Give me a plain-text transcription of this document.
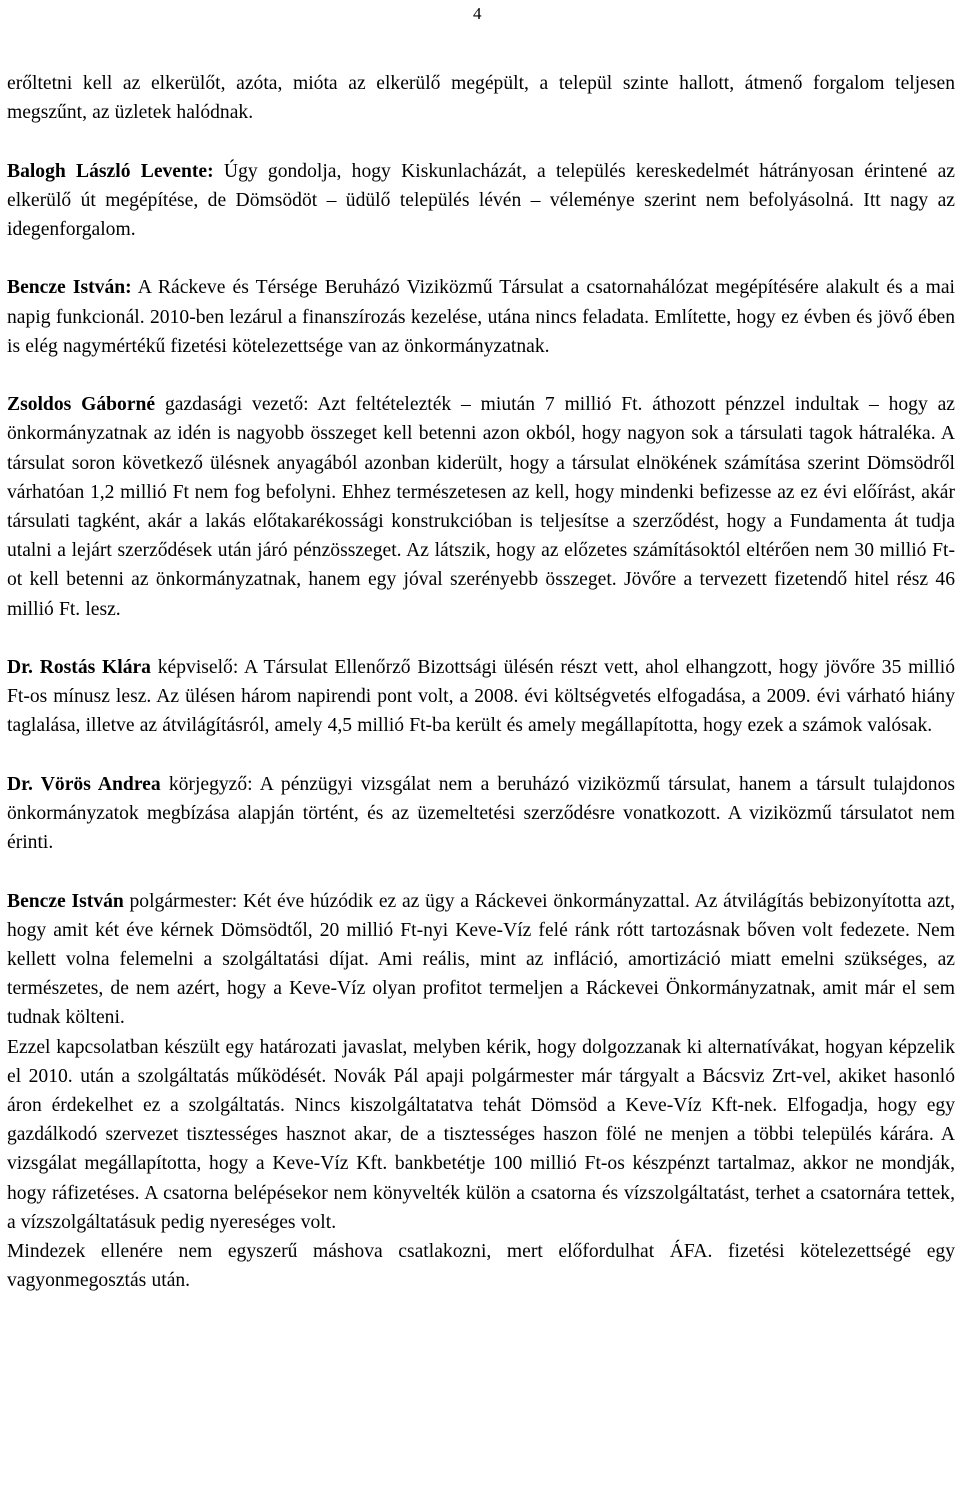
4

erőltetni kell az elkerülőt, azóta, mióta az elkerülő megépült, a települ szinte hallott, átmenő forgalom teljesen megszűnt, az üzletek halódnak.

Balogh László Levente: Úgy gondolja, hogy Kiskunlacházát, a település kereskedelmét hátrányosan érintené az elkerülő út megépítése, de Dömsödöt – üdülő település lévén – véleménye szerint nem befolyásolná. Itt nagy az idegenforgalom.

Bencze István: A Ráckeve és Térsége Beruházó Viziközmű Társulat a csatornahálózat megépítésére alakult és a mai napig funkcionál. 2010-ben lezárul a finanszírozás kezelése, utána nincs feladata. Említette, hogy ez évben és jövő ében is elég nagymértékű fizetési kötelezettsége van az önkormányzatnak.

Zsoldos Gáborné gazdasági vezető: Azt feltételezték – miután 7 millió Ft. áthozott pénzzel indultak – hogy az önkormányzatnak az idén is nagyobb összeget kell betenni azon okból, hogy nagyon sok a társulati tagok hátraléka. A társulat soron következő ülésnek anyagából azonban kiderült, hogy a társulat elnökének számítása szerint Dömsödről várhatóan 1,2 millió Ft nem fog befolyni. Ehhez természetesen az kell, hogy mindenki befizesse az ez évi előírást, akár társulati tagként, akár a lakás előtakarékossági konstrukcióban is teljesítse a szerződést, hogy a Fundamenta át tudja utalni a lejárt szerződések után járó pénzösszeget. Az látszik, hogy az előzetes számításoktól eltérően nem 30 millió Ft-ot kell betenni az önkormányzatnak, hanem egy jóval szerényebb összeget. Jövőre a tervezett fizetendő hitel rész 46 millió Ft. lesz.

Dr. Rostás Klára képviselő: A Társulat Ellenőrző Bizottsági ülésén részt vett, ahol elhangzott, hogy jövőre 35 millió Ft-os mínusz lesz. Az ülésen három napirendi pont volt, a 2008. évi költségvetés elfogadása, a 2009. évi várható hiány taglalása, illetve az átvilágításról, amely 4,5 millió Ft-ba került és amely megállapította, hogy ezek a számok valósak.

Dr. Vörös Andrea körjegyző: A pénzügyi vizsgálat nem a beruházó viziközmű társulat, hanem a társult tulajdonos önkormányzatok megbízása alapján történt, és az üzemeltetési szerződésre vonatkozott. A viziközmű társulatot nem érinti.

Bencze István polgármester: Két éve húzódik ez az ügy a Ráckevei önkormányzattal. Az átvilágítás bebizonyította azt, hogy amit két éve kérnek Dömsödtől, 20 millió Ft-nyi Keve-Víz felé ránk rótt tartozásnak bőven volt fedezete. Nem kellett volna felemelni a szolgáltatási díjat. Ami reális, mint az infláció, amortizáció miatt emelni szükséges, az természetes, de nem azért, hogy a Keve-Víz olyan profitot termeljen a Ráckevei Önkormányzatnak, amit már el sem tudnak költeni.

Ezzel kapcsolatban készült egy határozati javaslat, melyben kérik, hogy dolgozzanak ki alternatívákat, hogyan képzelik el 2010. után a szolgáltatás működését. Novák Pál apaji polgármester már tárgyalt a Bácsviz Zrt-vel, akiket hasonló áron érdekelhet ez a szolgáltatás. Nincs kiszolgáltatatva tehát Dömsöd a Keve-Víz Kft-nek. Elfogadja, hogy egy gazdálkodó szervezet tisztességes hasznot akar, de a tisztességes haszon fölé ne menjen a többi település kárára. A vizsgálat megállapította, hogy a Keve-Víz Kft. bankbetétje 100 millió Ft-os készpénzt tartalmaz, akkor ne mondják, hogy ráfizetéses. A csatorna belépésekor nem könyvelték külön a csatorna és vízszolgáltatást, terhet a csatornára tettek, a vízszolgáltatásuk pedig nyereséges volt.

Mindezek ellenére nem egyszerű máshova csatlakozni, mert előfordulhat ÁFA. fizetési kötelezettségé egy vagyonmegosztás után.
